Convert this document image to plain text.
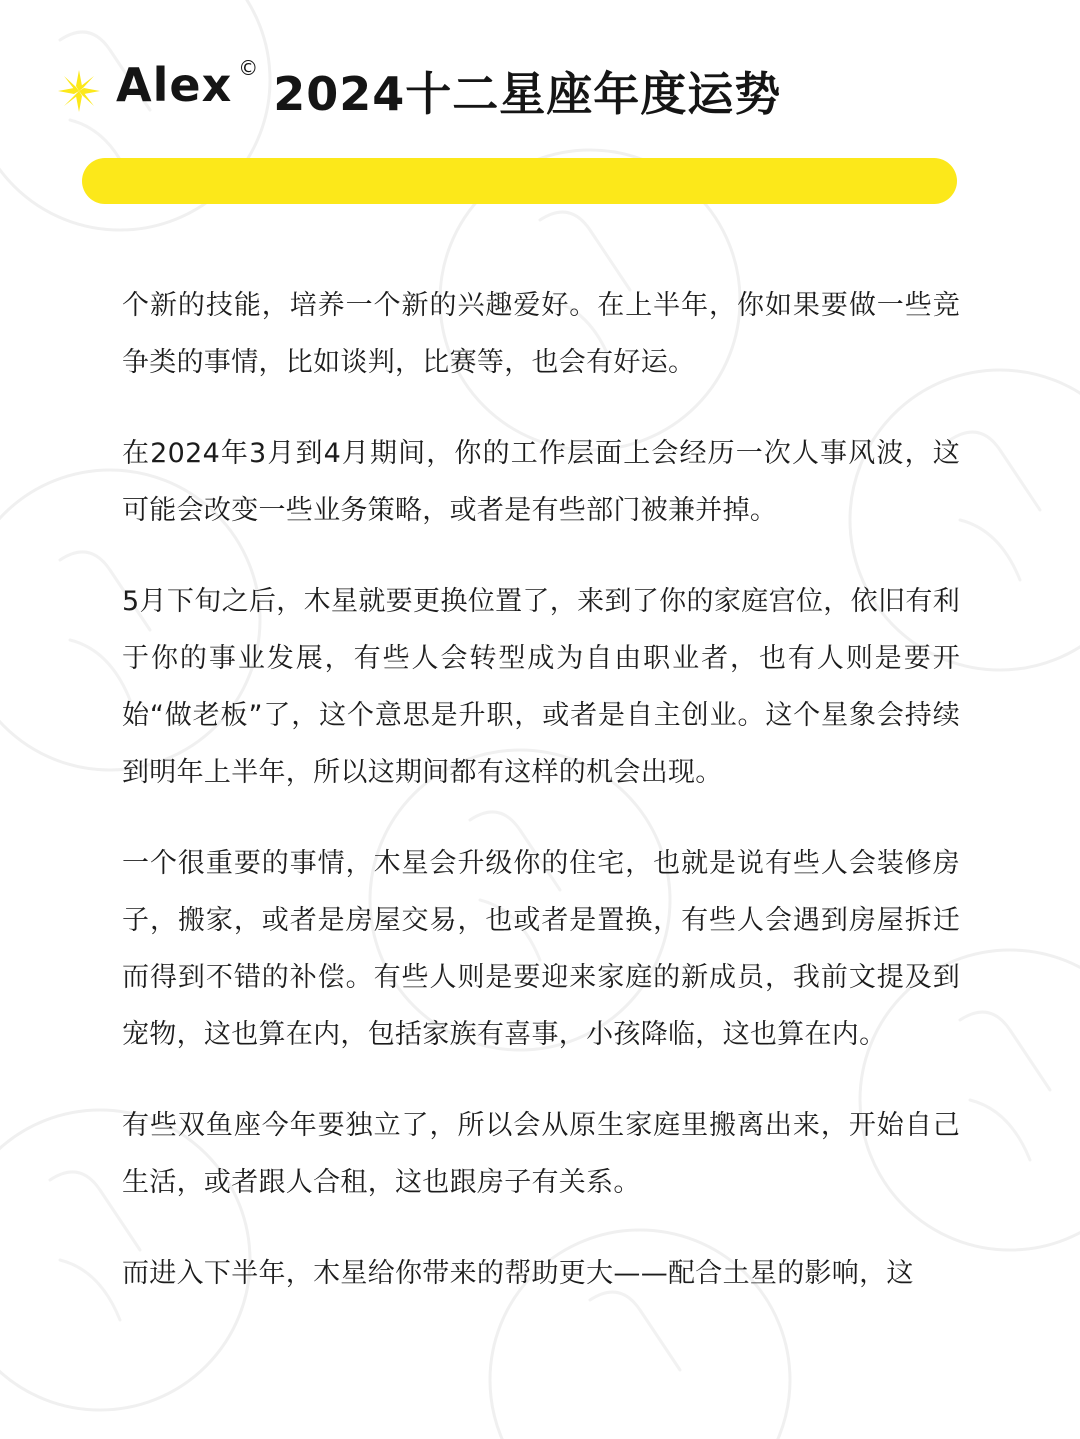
Alex © 2024十二星座年度运势

个新的技能，培养一个新的兴趣爱好。在上半年，你如果要做一些竞争类的事情，比如谈判，比赛等，也会有好运。

在2024年3月到4月期间，你的工作层面上会经历一次人事风波，这可能会改变一些业务策略，或者是有些部门被兼并掉。

5月下旬之后，木星就要更换位置了，来到了你的家庭宫位，依旧有利于你的事业发展，有些人会转型成为自由职业者，也有人则是要开始“做老板”了，这个意思是升职，或者是自主创业。这个星象会持续到明年上半年，所以这期间都有这样的机会出现。

一个很重要的事情，木星会升级你的住宅，也就是说有些人会装修房子，搬家，或者是房屋交易，也或者是置换，有些人会遇到房屋拆迁而得到不错的补偿。有些人则是要迎来家庭的新成员，我前文提及到宠物，这也算在内，包括家族有喜事，小孩降临，这也算在内。

有些双鱼座今年要独立了，所以会从原生家庭里搬离出来，开始自己生活，或者跟人合租，这也跟房子有关系。

而进入下半年，木星给你带来的帮助更大——配合土星的影响，这
